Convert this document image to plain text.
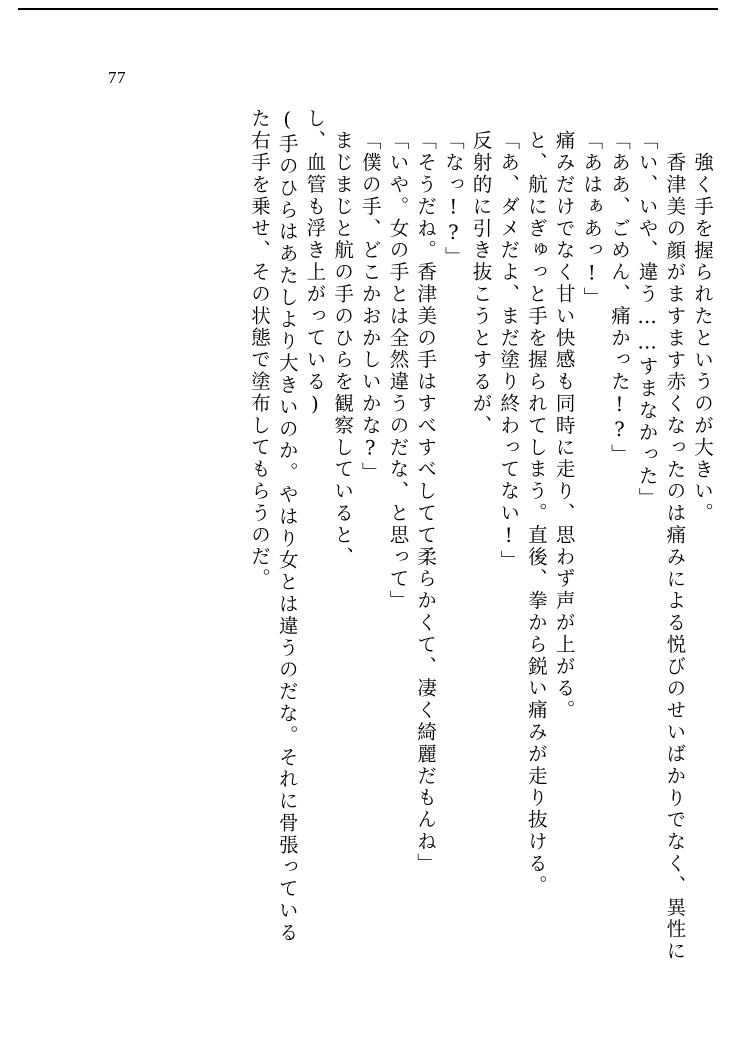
77
た右手を乗せ、その状態で塗布してもらうのだ。 (手のひらはあたしより大きいのか。やはり女とは違うのだな。それに骨張っている し、血管も浮き上がっている) まじまじと航の手のひらを観察していると、 「僕の手、どこかおかしいかな?」 「いや。女の手とは全然違うのだな、と思って」 「そうだね。香津美の手はすべすべしてて柔らかくて、凄く綺麗だもんね」 「なっ!?」 反射的に引き抜こうとするが、 「あ、ダメだよ、まだ塗り終わってない!」 と、航にぎゅっと手を握られてしまう。直後、拳から鋭い痛みが走り抜ける。 痛みだけでなく甘い快感も同時に走り、思わず声が上がる。 「あはぁあっ!」 「ああ、ごめん、痛かった!?」 「い、いや、違う……すまなかった」 香津美の顔がますます赤くなったのは痛みによる悦びのせいばかりでなく、異性に 強く手を握られたというのが大きい。
